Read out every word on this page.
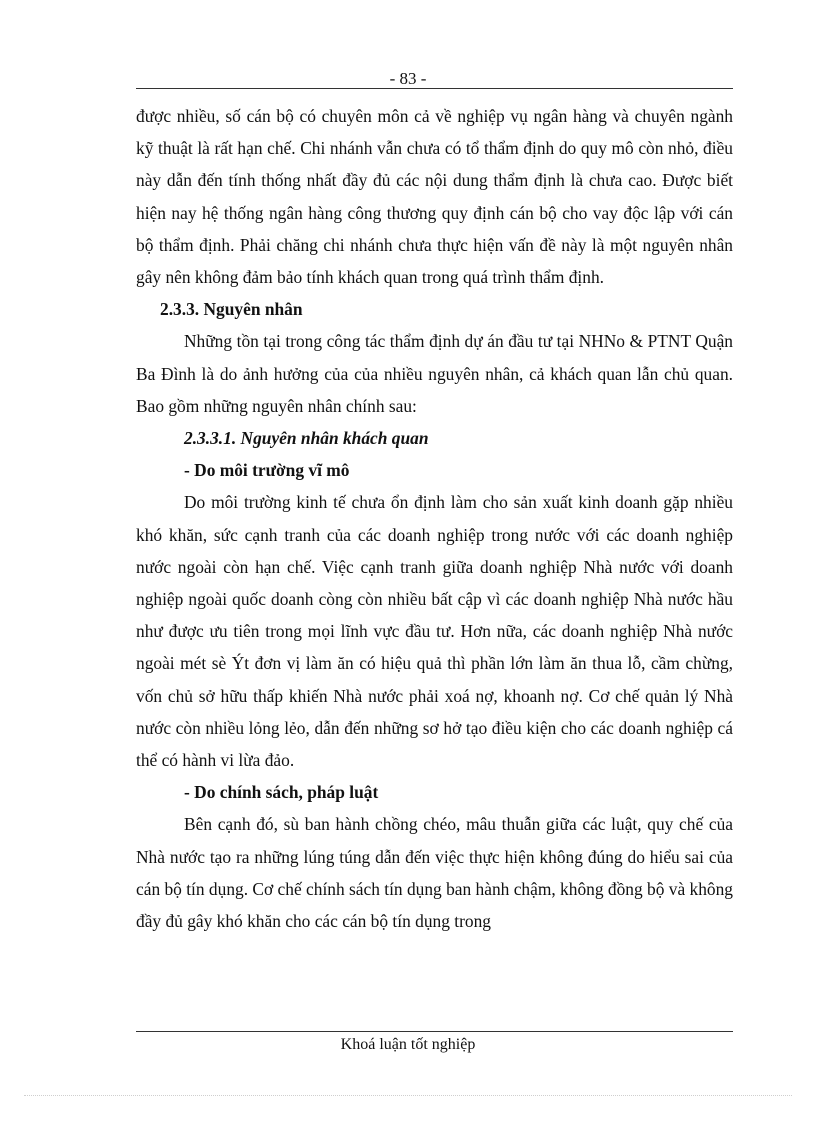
- 83 -

được nhiều, số cán bộ có chuyên môn cả về nghiệp vụ ngân hàng và chuyên ngành kỹ thuật là rất hạn chế. Chi nhánh vẫn chưa có tổ thẩm định do quy mô còn nhỏ, điều này dẫn đến tính thống nhất đầy đủ các nội dung thẩm định là chưa cao. Được biết hiện nay hệ thống ngân hàng công thương quy định cán bộ cho vay độc lập với cán bộ thẩm định. Phải chăng chi nhánh chưa thực hiện vấn đề này là một nguyên nhân gây nên không đảm bảo tính khách quan trong quá trình thẩm định.

2.3.3. Nguyên nhân

Những tồn tại trong công tác thẩm định dự án đầu tư tại NHNo & PTNT Quận Ba Đình là do ảnh hưởng của của nhiều nguyên nhân, cả khách quan lẫn chủ quan. Bao gồm những nguyên nhân chính sau:

2.3.3.1. Nguyên nhân khách quan

- Do môi trường vĩ mô

Do môi trường kinh tế chưa ổn định làm cho sản xuất kinh doanh gặp nhiều khó khăn, sức cạnh tranh của các doanh nghiệp trong nước với các doanh nghiệp nước ngoài còn hạn chế. Việc cạnh tranh giữa doanh nghiệp Nhà nước với doanh nghiệp ngoài quốc doanh còng còn nhiều bất cập vì các doanh nghiệp Nhà nước hầu như được ưu tiên trong mọi lĩnh vực đầu tư. Hơn nữa, các doanh nghiệp Nhà nước ngoài mét sè Ýt đơn vị làm ăn có hiệu quả thì phần lớn làm ăn thua lỗ, cầm chừng, vốn chủ sở hữu thấp khiến Nhà nước phải xoá nợ, khoanh nợ. Cơ chế quản lý Nhà nước còn nhiều lỏng lẻo, dẫn đến những sơ hở tạo điều kiện cho các doanh nghiệp cá thể có hành vi lừa đảo.

- Do chính sách, pháp luật

Bên cạnh đó, sù ban hành chồng chéo, mâu thuẫn giữa các luật, quy chế của Nhà nước tạo ra những lúng túng dẫn đến việc thực hiện không đúng do hiểu sai của cán bộ tín dụng. Cơ chế chính sách tín dụng ban hành chậm, không đồng bộ và không đầy đủ gây khó khăn cho các cán bộ tín dụng trong

Khoá luận tốt nghiệp
